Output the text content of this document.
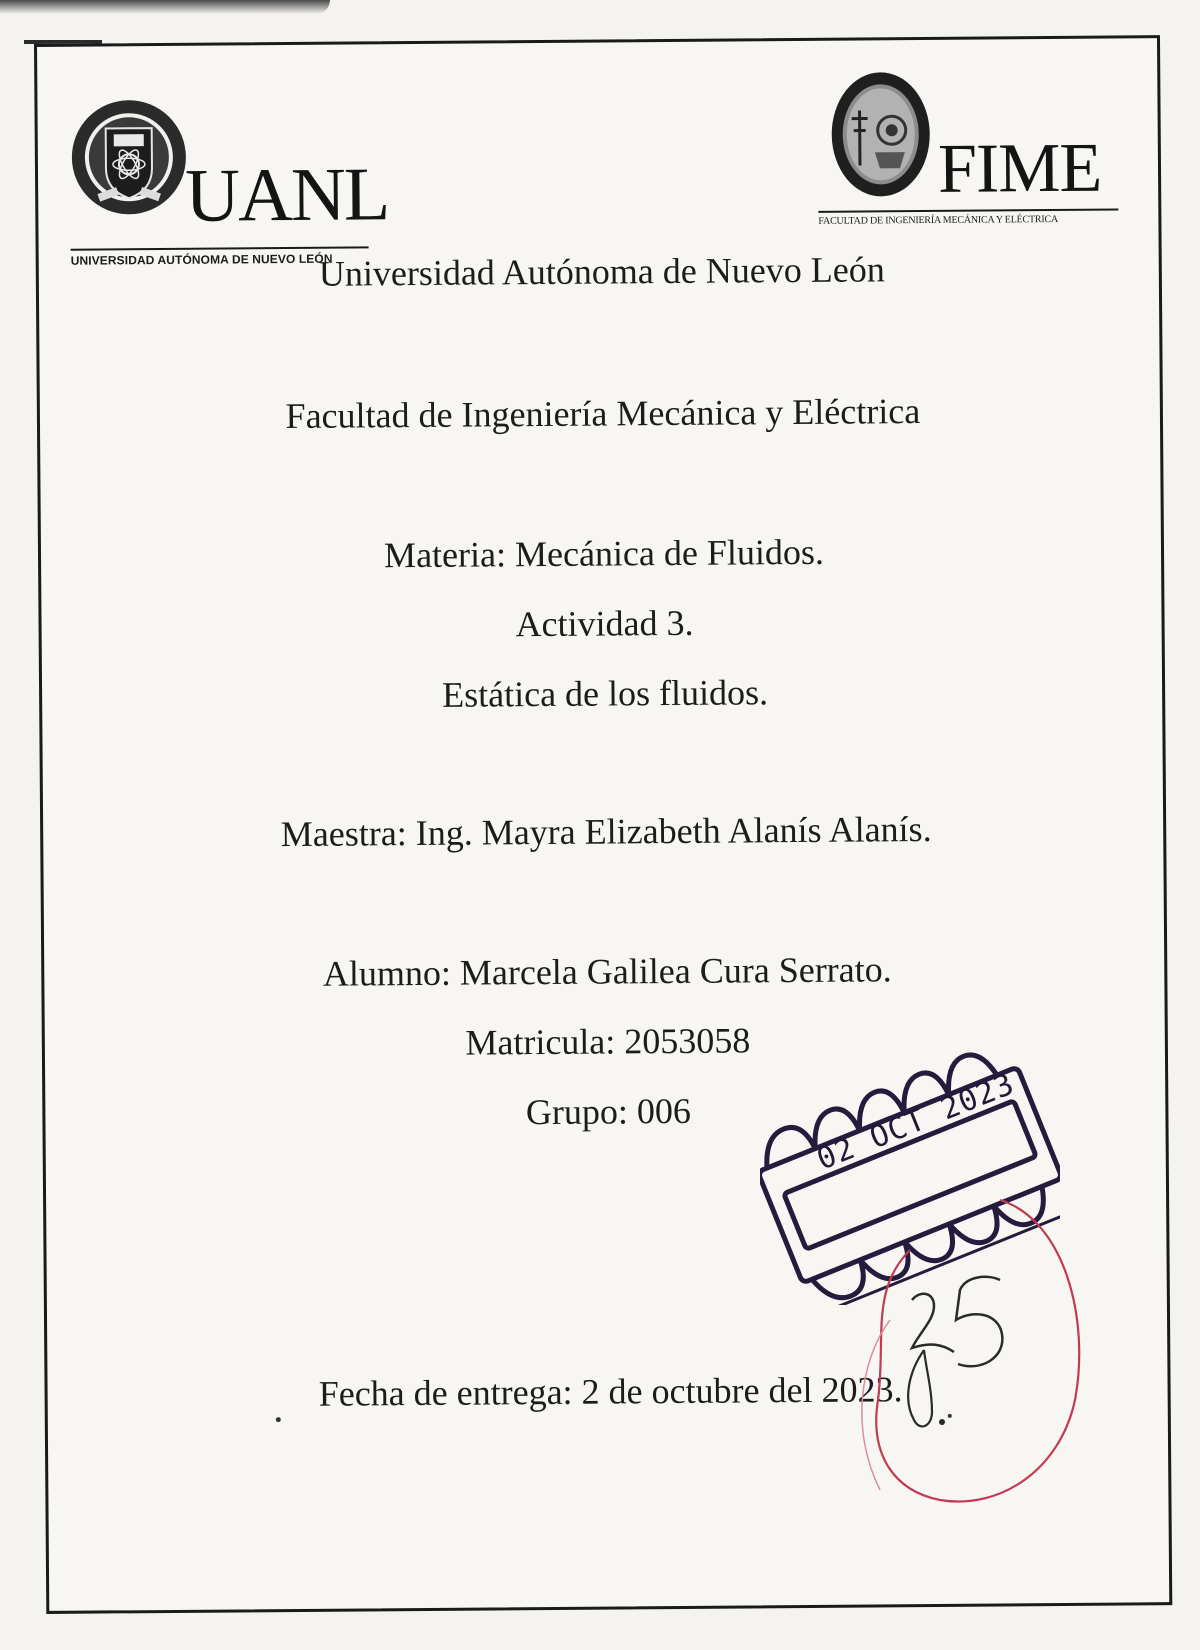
UANL
UNIVERSIDAD AUTÓNOMA DE NUEVO LEÓN
FIME
FACULTAD DE INGENIERÍA MECÁNICA Y ELÉCTRICA
Universidad Autónoma de Nuevo León
Facultad de Ingeniería Mecánica y Eléctrica
Materia: Mecánica de Fluidos.
Actividad 3.
Estática de los fluidos.
Maestra: Ing. Mayra Elizabeth Alanís Alanís.
Alumno: Marcela Galilea Cura Serrato.
Matricula: 2053058
Grupo: 006
Fecha de entrega: 2 de octubre del 2023.
02 OCT 2023
